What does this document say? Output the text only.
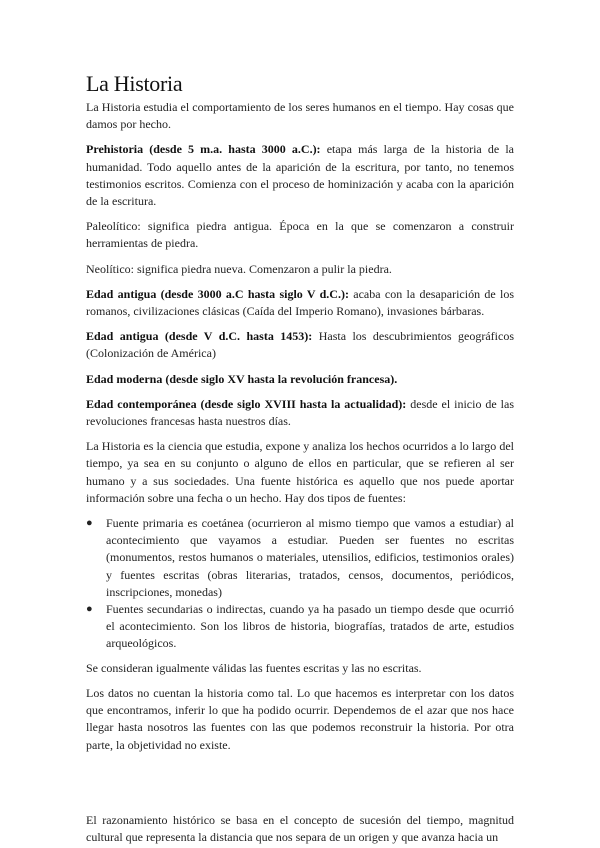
La Historia

La Historia estudia el comportamiento de los seres humanos en el tiempo. Hay cosas que damos por hecho.

Prehistoria (desde 5 m.a. hasta 3000 a.C.): etapa más larga de la historia de la humanidad. Todo aquello antes de la aparición de la escritura, por tanto, no tenemos testimonios escritos. Comienza con el proceso de hominización y acaba con la aparición de la escritura.

Paleolítico: significa piedra antigua. Época en la que se comenzaron a construir herramientas de piedra.

Neolítico: significa piedra nueva. Comenzaron a pulir la piedra.

Edad antigua (desde 3000 a.C hasta siglo V d.C.): acaba con la desaparición de los romanos, civilizaciones clásicas (Caída del Imperio Romano), invasiones bárbaras.

Edad antigua (desde V d.C. hasta 1453): Hasta los descubrimientos geográficos (Colonización de América)

Edad moderna (desde siglo XV hasta la revolución francesa).

Edad contemporánea (desde siglo XVIII hasta la actualidad): desde el inicio de las revoluciones francesas hasta nuestros días.

La Historia es la ciencia que estudia, expone y analiza los hechos ocurridos a lo largo del tiempo, ya sea en su conjunto o alguno de ellos en particular, que se refieren al ser humano y a sus sociedades. Una fuente histórica es aquello que nos puede aportar información sobre una fecha o un hecho. Hay dos tipos de fuentes:

● Fuente primaria es coetánea (ocurrieron al mismo tiempo que vamos a estudiar) al acontecimiento que vayamos a estudiar. Pueden ser fuentes no escritas (monumentos, restos humanos o materiales, utensilios, edificios, testimonios orales) y fuentes escritas (obras literarias, tratados, censos, documentos, periódicos, inscripciones, monedas)
● Fuentes secundarias o indirectas, cuando ya ha pasado un tiempo desde que ocurrió el acontecimiento. Son los libros de historia, biografías, tratados de arte, estudios arqueológicos.

Se consideran igualmente válidas las fuentes escritas y las no escritas.

Los datos no cuentan la historia como tal. Lo que hacemos es interpretar con los datos que encontramos, inferir lo que ha podido ocurrir. Dependemos de el azar que nos hace llegar hasta nosotros las fuentes con las que podemos reconstruir la historia. Por otra parte, la objetividad no existe.

El razonamiento histórico se basa en el concepto de sucesión del tiempo, magnitud cultural que representa la distancia que nos separa de un origen y que avanza hacia un
